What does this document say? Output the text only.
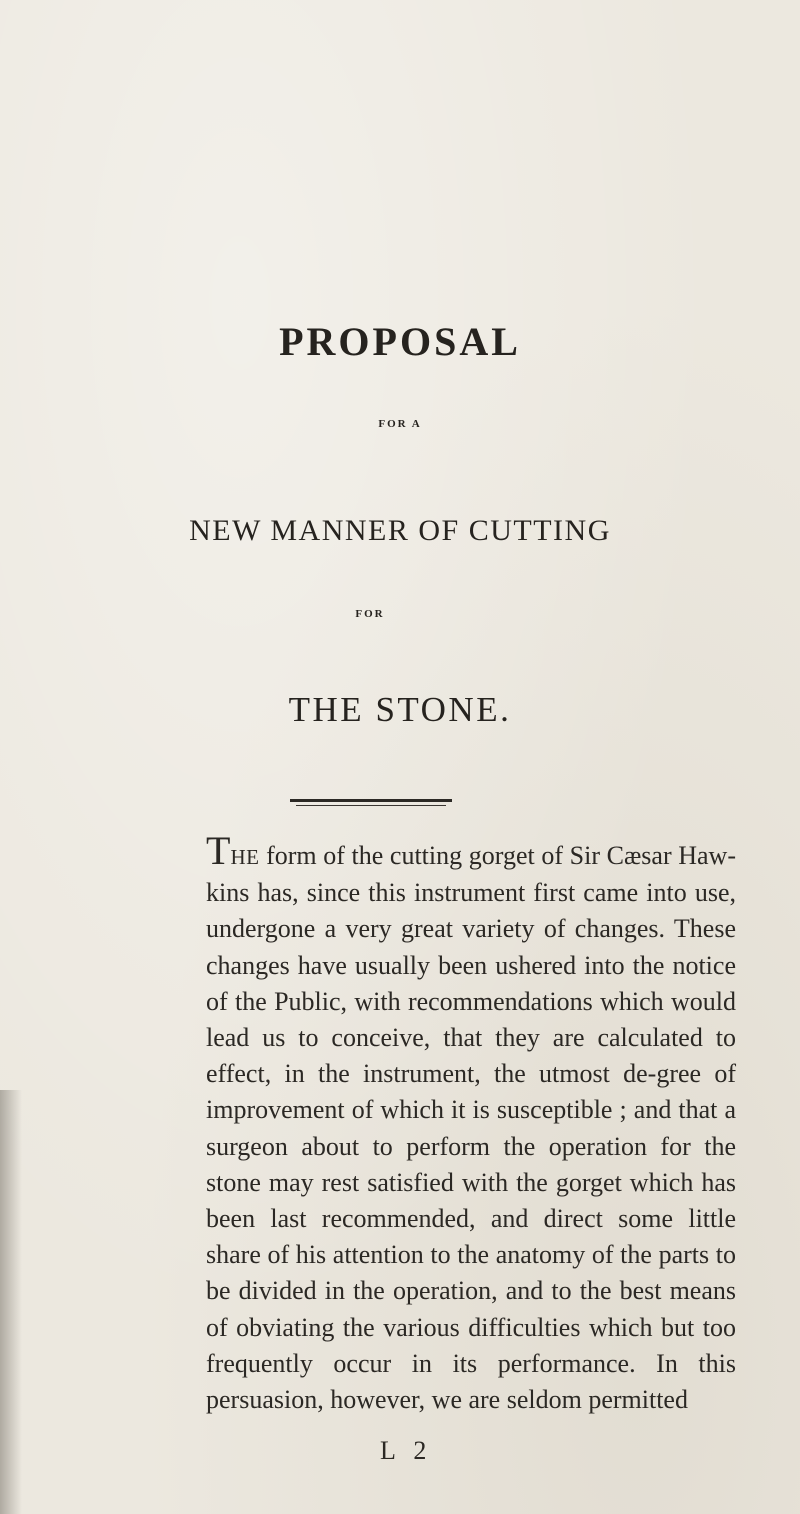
PROPOSAL
FOR A
NEW MANNER OF CUTTING
FOR
THE STONE.

THE form of the cutting gorget of Sir Cæsar Haw-kins has, since this instrument first came into use, undergone a very great variety of changes. These changes have usually been ushered into the notice of the Public, with recommendations which would lead us to conceive, that they are calculated to effect, in the instrument, the utmost de-gree of improvement of which it is susceptible ; and that a surgeon about to perform the operation for the stone may rest satisfied with the gorget which has been last recommended, and direct some little share of his attention to the anatomy of the parts to be divided in the operation, and to the best means of obviating the various difficulties which but too frequently occur in its performance. In this persuasion, however, we are seldom permitted

L 2
